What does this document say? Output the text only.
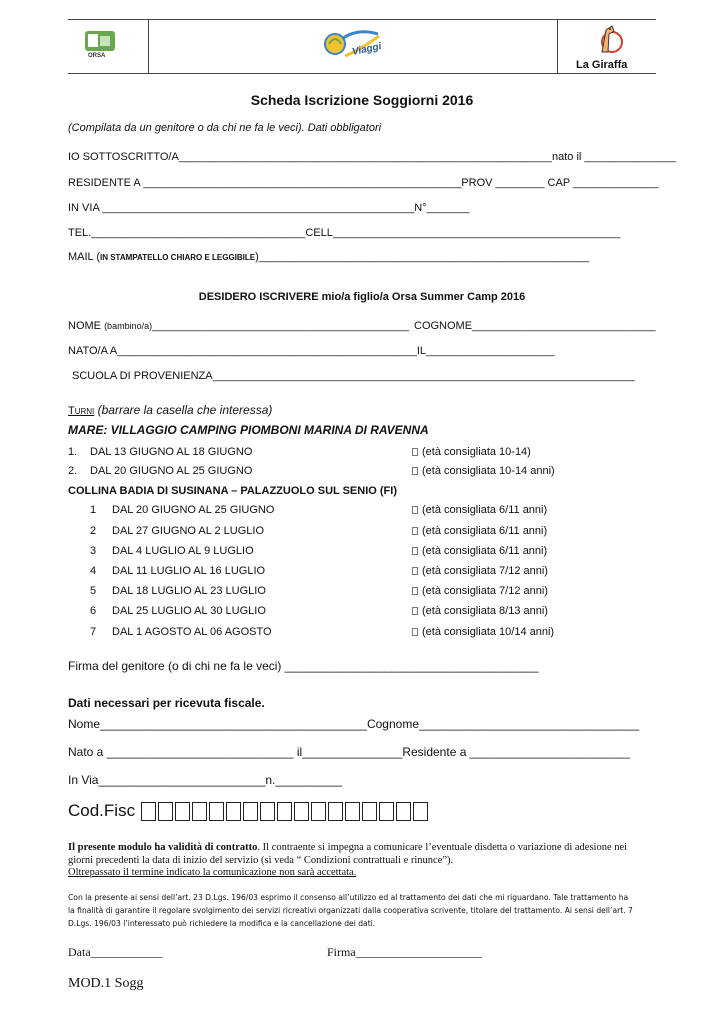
ORSA	Viaggi
La Giraffa
Scheda Iscrizione Soggiorni 2016
(Compilata da un genitore o da chi ne fa le veci). Dati obbligatori
IO SOTTOSCRITTO/A_____________________________________________________________nato il _______________
RESIDENTE A ____________________________________________________PROV ________ CAP ______________
IN VIA ___________________________________________________N°_______
TEL.___________________________________CELL_______________________________________________
MAIL (IN STAMPATELLO CHIARO E LEGGIBILE)______________________________________________________
DESIDERO ISCRIVERE mio/a figlio/a Orsa Summer Camp 2016
NOME (bambino/a)__________________________________________ COGNOME______________________________
NATO/A A_________________________________________________IL_____________________
SCUOLA DI PROVENIENZA_____________________________________________________________________
Turni (barrare la casella che interessa)
MARE: VILLAGGIO CAMPING PIOMBONI MARINA DI RAVENNA
1. DAL 13 GIUGNO AL 18 GIUGNO	(età consigliata 10-14)
2. DAL 20 GIUGNO AL 25 GIUGNO	(età consigliata 10-14 anni)
COLLINA BADIA DI SUSINANA – PALAZZUOLO SUL SENIO (FI)
1 DAL 20 GIUGNO AL 25 GIUGNO	(età consigliata 6/11 anni)
2 DAL 27 GIUGNO AL 2 LUGLIO	(età consigliata 6/11 anni)
3 DAL 4 LUGLIO AL 9 LUGLIO	(età consigliata 6/11 anni)
4 DAL 11 LUGLIO AL 16 LUGLIO	(età consigliata 7/12 anni)
5 DAL 18 LUGLIO AL 23 LUGLIO	(età consigliata 7/12 anni)
6 DAL 25 LUGLIO AL 30 LUGLIO	(età consigliata 8/13 anni)
7 DAL 1 AGOSTO AL 06 AGOSTO	(età consigliata 10/14 anni)
Firma del genitore (o di chi ne fa le veci) ______________________________________
Dati necessari per ricevuta fiscale.
Nome________________________________________Cognome_________________________________
Nato a ____________________________ il_______________Residente a ________________________
In Via_________________________n.__________
Cod.Fisc
Il presente modulo ha validità di contratto. Il contraente si impegna a comunicare l’eventuale disdetta o variazione di adesione nei
giorni precedenti la data di inizio del servizio (si veda “ Condizioni contrattuali e rinunce”).
Oltrepassato il termine indicato la comunicazione non sarà accettata.
Con la presente ai sensi dell’art. 23 D.Lgs. 196/03 esprimo il consenso all’utilizzo ed al trattamento dei dati che mi riguardano. Tale trattamento ha
la finalità di garantire il regolare svolgimento dei servizi ricreativi organizzati dalla cooperativa scrivente, titolare del trattamento. Ai sensi dell’art. 7
D.Lgs. 196/03 l’interessato può richiedere la modifica e la cancellazione dei dati.
Data____________	Firma_____________________
MOD.1 Sogg
